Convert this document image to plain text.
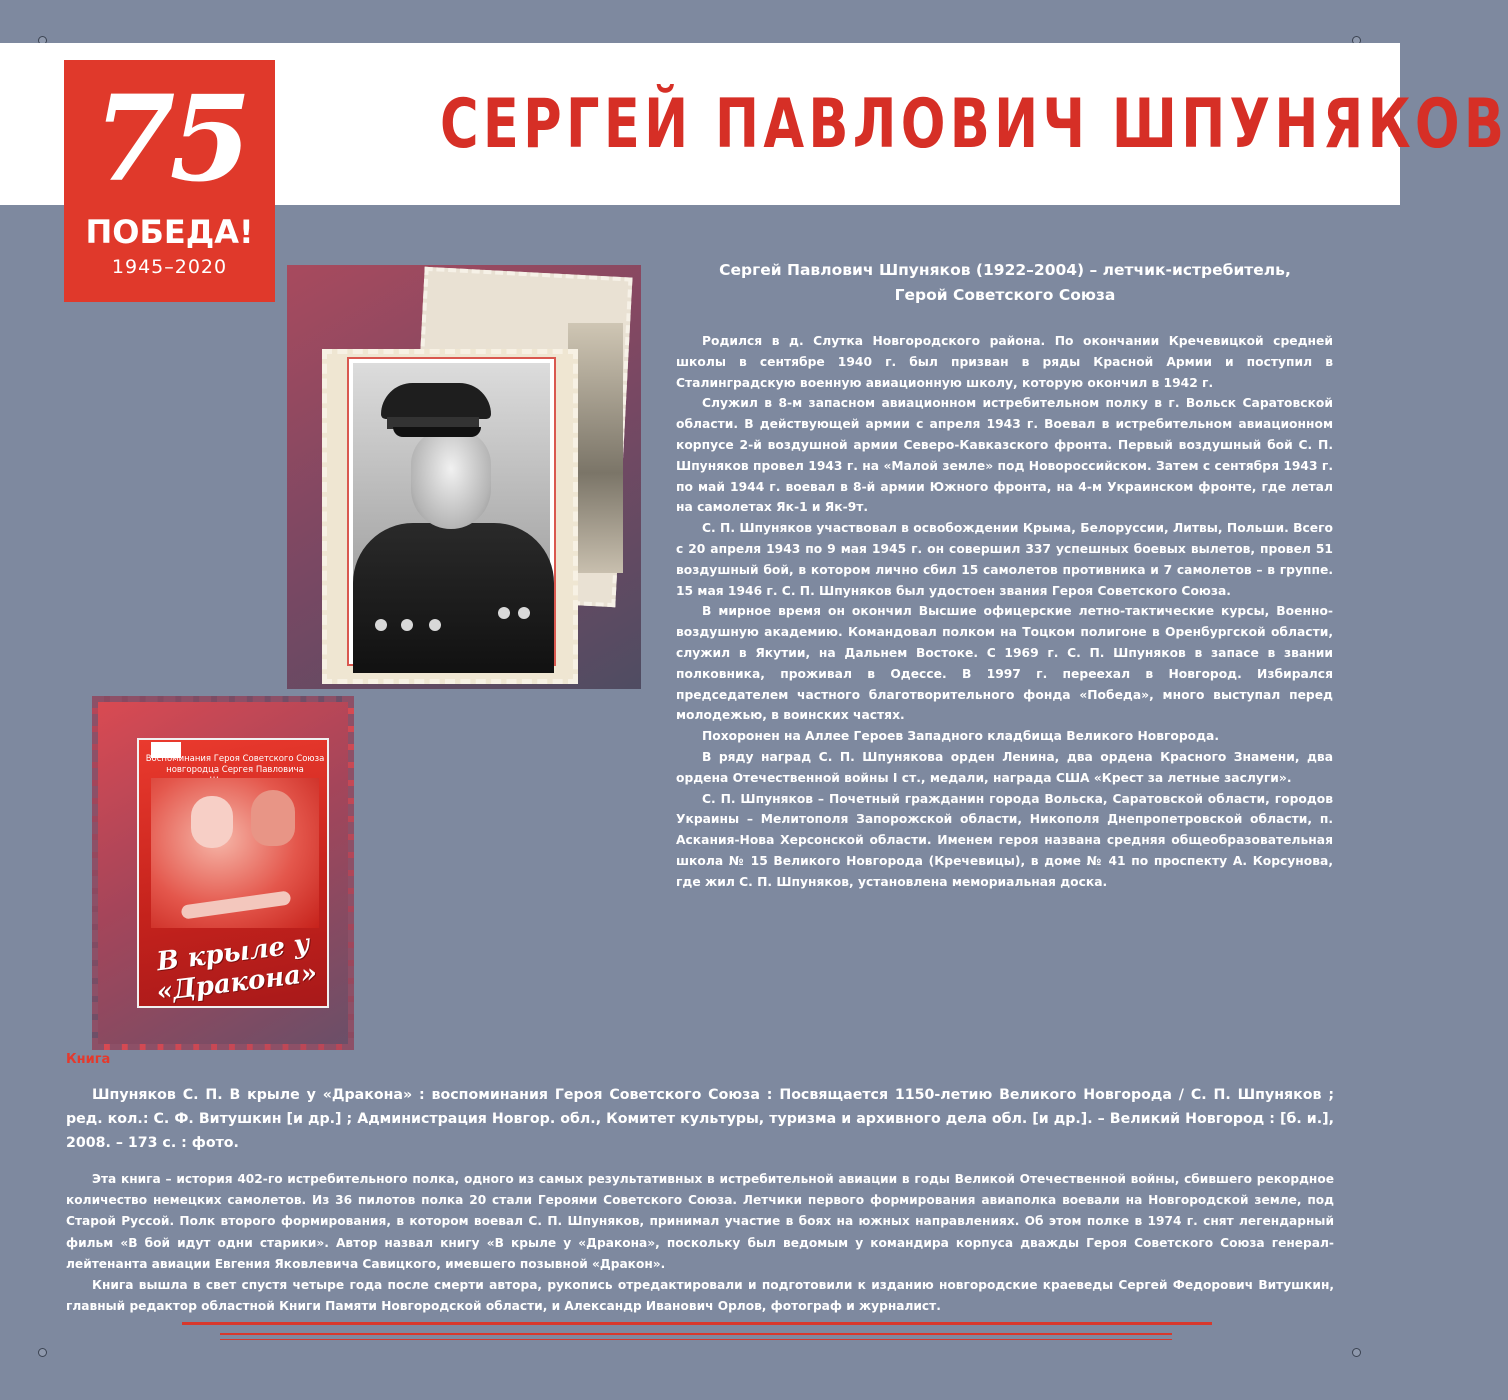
СЕРГЕЙ ПАВЛОВИЧ ШПУНЯКОВ
75
ПОБЕДА!
1945–2020
Воспоминания Героя Советского Союза
новгородца Сергея Павловича
В крыле у «Дракона»
Книга
Сергей Павлович Шпуняков (1922–2004) – летчик-истребитель,
Герой Советского Союза

Родился в д. Слутка Новгородского района. По окончании Кречевицкой средней школы в сентябре 1940 г. был призван в ряды Красной Армии и поступил в Сталинградскую военную авиационную школу, которую окончил в 1942 г.

Служил в 8-м запасном авиационном истребительном полку в г. Вольск Саратовской области. В действующей армии с апреля 1943 г. Воевал в истребительном авиационном корпусе 2-й воздушной армии Северо-Кавказского фронта. Первый воздушный бой С. П. Шпуняков провел 1943 г. на «Малой земле» под Новороссийском. Затем с сентября 1943 г. по май 1944 г. воевал в 8-й армии Южного фронта, на 4-м Украинском фронте, где летал на самолетах Як-1 и Як-9т.

С. П. Шпуняков участвовал в освобождении Крыма, Белоруссии, Литвы, Польши. Всего с 20 апреля 1943 по 9 мая 1945 г. он совершил 337 успешных боевых вылетов, провел 51 воздушный бой, в котором лично сбил 15 самолетов противника и 7 самолетов – в группе. 15 мая 1946 г. С. П. Шпуняков был удостоен звания Героя Советского Союза.

В мирное время он окончил Высшие офицерские летно-тактические курсы, Военно-воздушную академию. Командовал полком на Тоцком полигоне в Оренбургской области, служил в Якутии, на Дальнем Востоке. С 1969 г. С. П. Шпуняков в запасе в звании полковника, проживал в Одессе. В 1997 г. переехал в Новгород. Избирался председателем частного благотворительного фонда «Победа», много выступал перед молодежью, в воинских частях.

Похоронен на Аллее Героев Западного кладбища Великого Новгорода.

В ряду наград С. П. Шпунякова орден Ленина, два ордена Красного Знамени, два ордена Отечественной войны I ст., медали, награда США «Крест за летные заслуги».

С. П. Шпуняков – Почетный гражданин города Вольска, Саратовской области, городов Украины – Мелитополя Запорожской области, Никополя Днепропетровской области, п. Аскания-Нова Херсонской области. Именем героя названа средняя общеобразовательная школа № 15 Великого Новгорода (Кречевицы), в доме № 41 по проспекту А. Корсунова, где жил С. П. Шпуняков, установлена мемориальная доска.

Шпуняков С. П. В крыле у «Дракона» : воспоминания Героя Советского Союза : Посвящается 1150-летию Великого Новгорода / С. П. Шпуняков ; ред. кол.: С. Ф. Витушкин [и др.] ; Администрация Новгор. обл., Комитет культуры, туризма и архивного дела обл. [и др.]. – Великий Новгород : [б. и.], 2008. – 173 с. : фото.

Эта книга – история 402-го истребительного полка, одного из самых результативных в истребительной авиации в годы Великой Отечественной войны, сбившего рекордное количество немецких самолетов. Из 36 пилотов полка 20 стали Героями Советского Союза. Летчики первого формирования авиаполка воевали на Новгородской земле, под Старой Руссой. Полк второго формирования, в котором воевал С. П. Шпуняков, принимал участие в боях на южных направлениях. Об этом полке в 1974 г. снят легендарный фильм «В бой идут одни старики». Автор назвал книгу «В крыле у «Дракона», поскольку был ведомым у командира корпуса дважды Героя Советского Союза генерал-лейтенанта авиации Евгения Яковлевича Савицкого, имевшего позывной «Дракон».

Книга вышла в свет спустя четыре года после смерти автора, рукопись отредактировали и подготовили к изданию новгородские краеведы Сергей Федорович Витушкин, главный редактор областной Книги Памяти Новгородской области, и Александр Иванович Орлов, фотограф и журналист.
